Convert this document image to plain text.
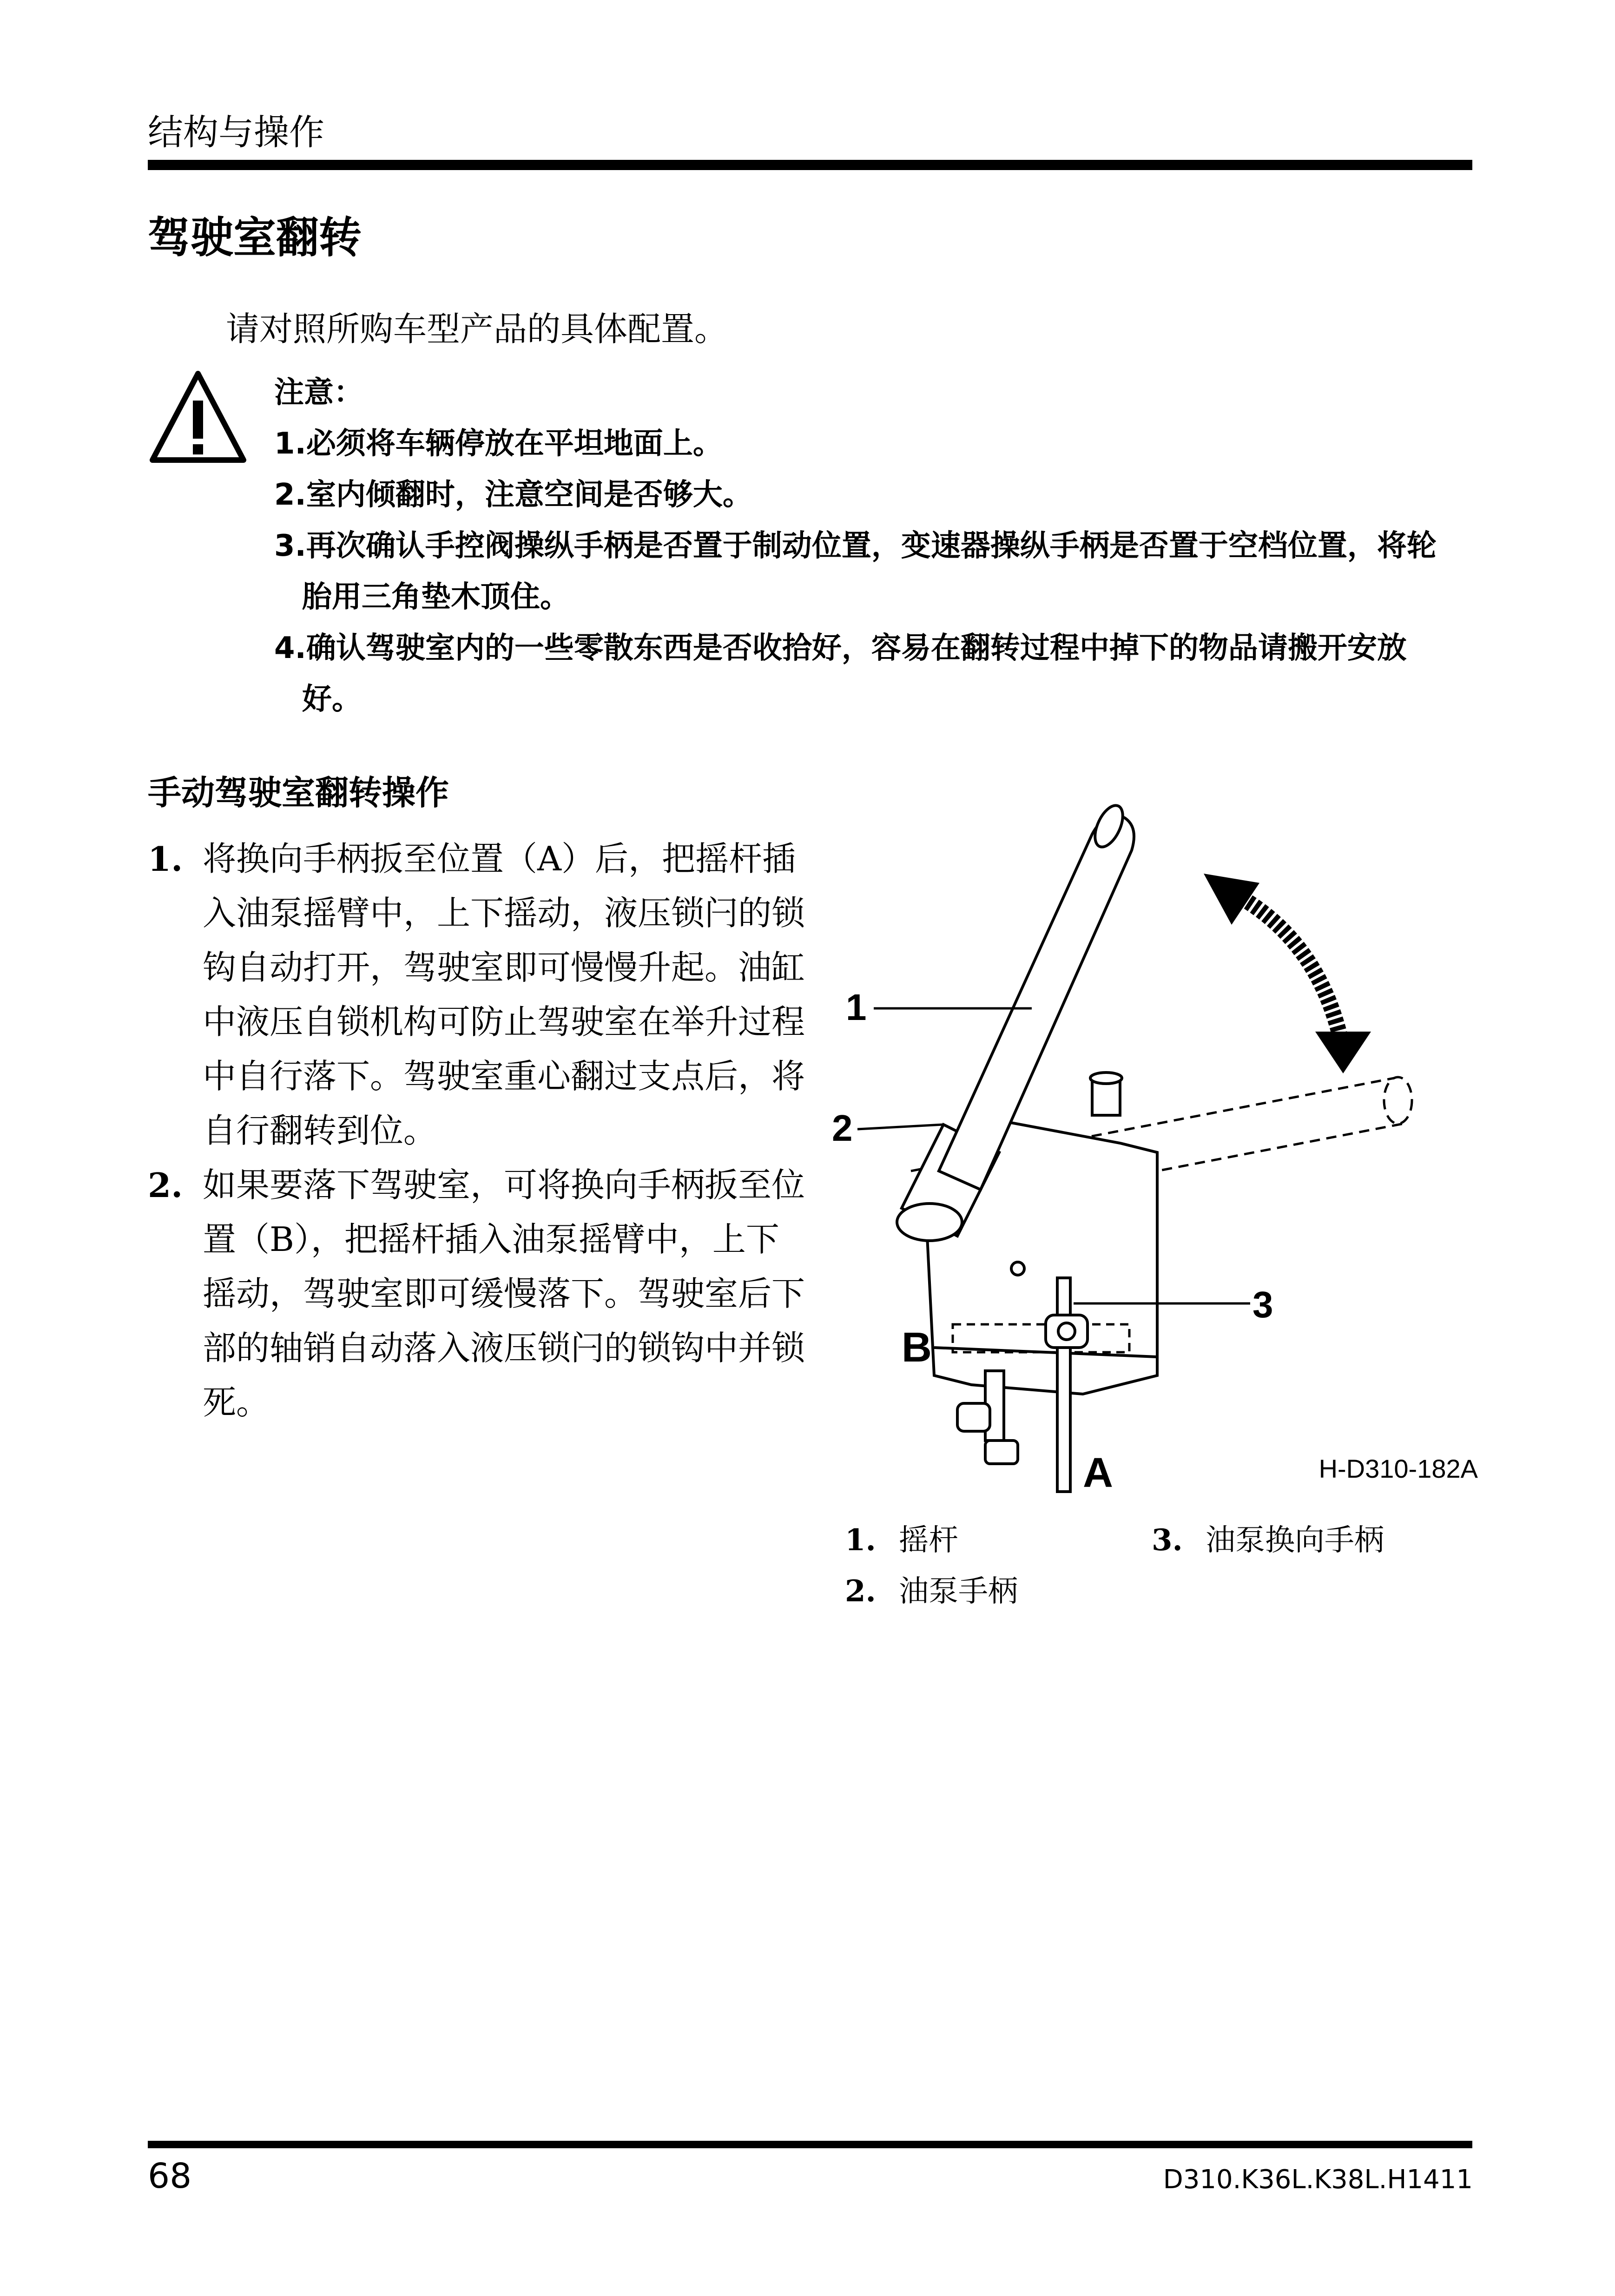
结构与操作
驾驶室翻转
请对照所购车型产品的具体配置。
注意：
1.必须将车辆停放在平坦地面上。
2.室内倾翻时，注意空间是否够大。
3.再次确认手控阀操纵手柄是否置于制动位置，变速器操纵手柄是否置于空档位置，将轮胎用三角垫木顶住。
4.确认驾驶室内的一些零散东西是否收拾好，容易在翻转过程中掉下的物品请搬开安放好。
手动驾驶室翻转操作
1. 将换向手柄扳至位置（A）后，把摇杆插入油泵摇臂中，上下摇动，液压锁闩的锁钩自动打开，驾驶室即可慢慢升起。油缸中液压自锁机构可防止驾驶室在举升过程中自行落下。驾驶室重心翻过支点后，将自行翻转到位。
2. 如果要落下驾驶室，可将换向手柄扳至位置（B），把摇杆插入油泵摇臂中，上下摇动，驾驶室即可缓慢落下。驾驶室后下部的轴销自动落入液压锁闩的锁钩中并锁死。
1
2
3
B
A	H-D310-182A
1. 摇杆	3. 油泵换向手柄
2. 油泵手柄
68	D310.K36L.K38L.H1411
